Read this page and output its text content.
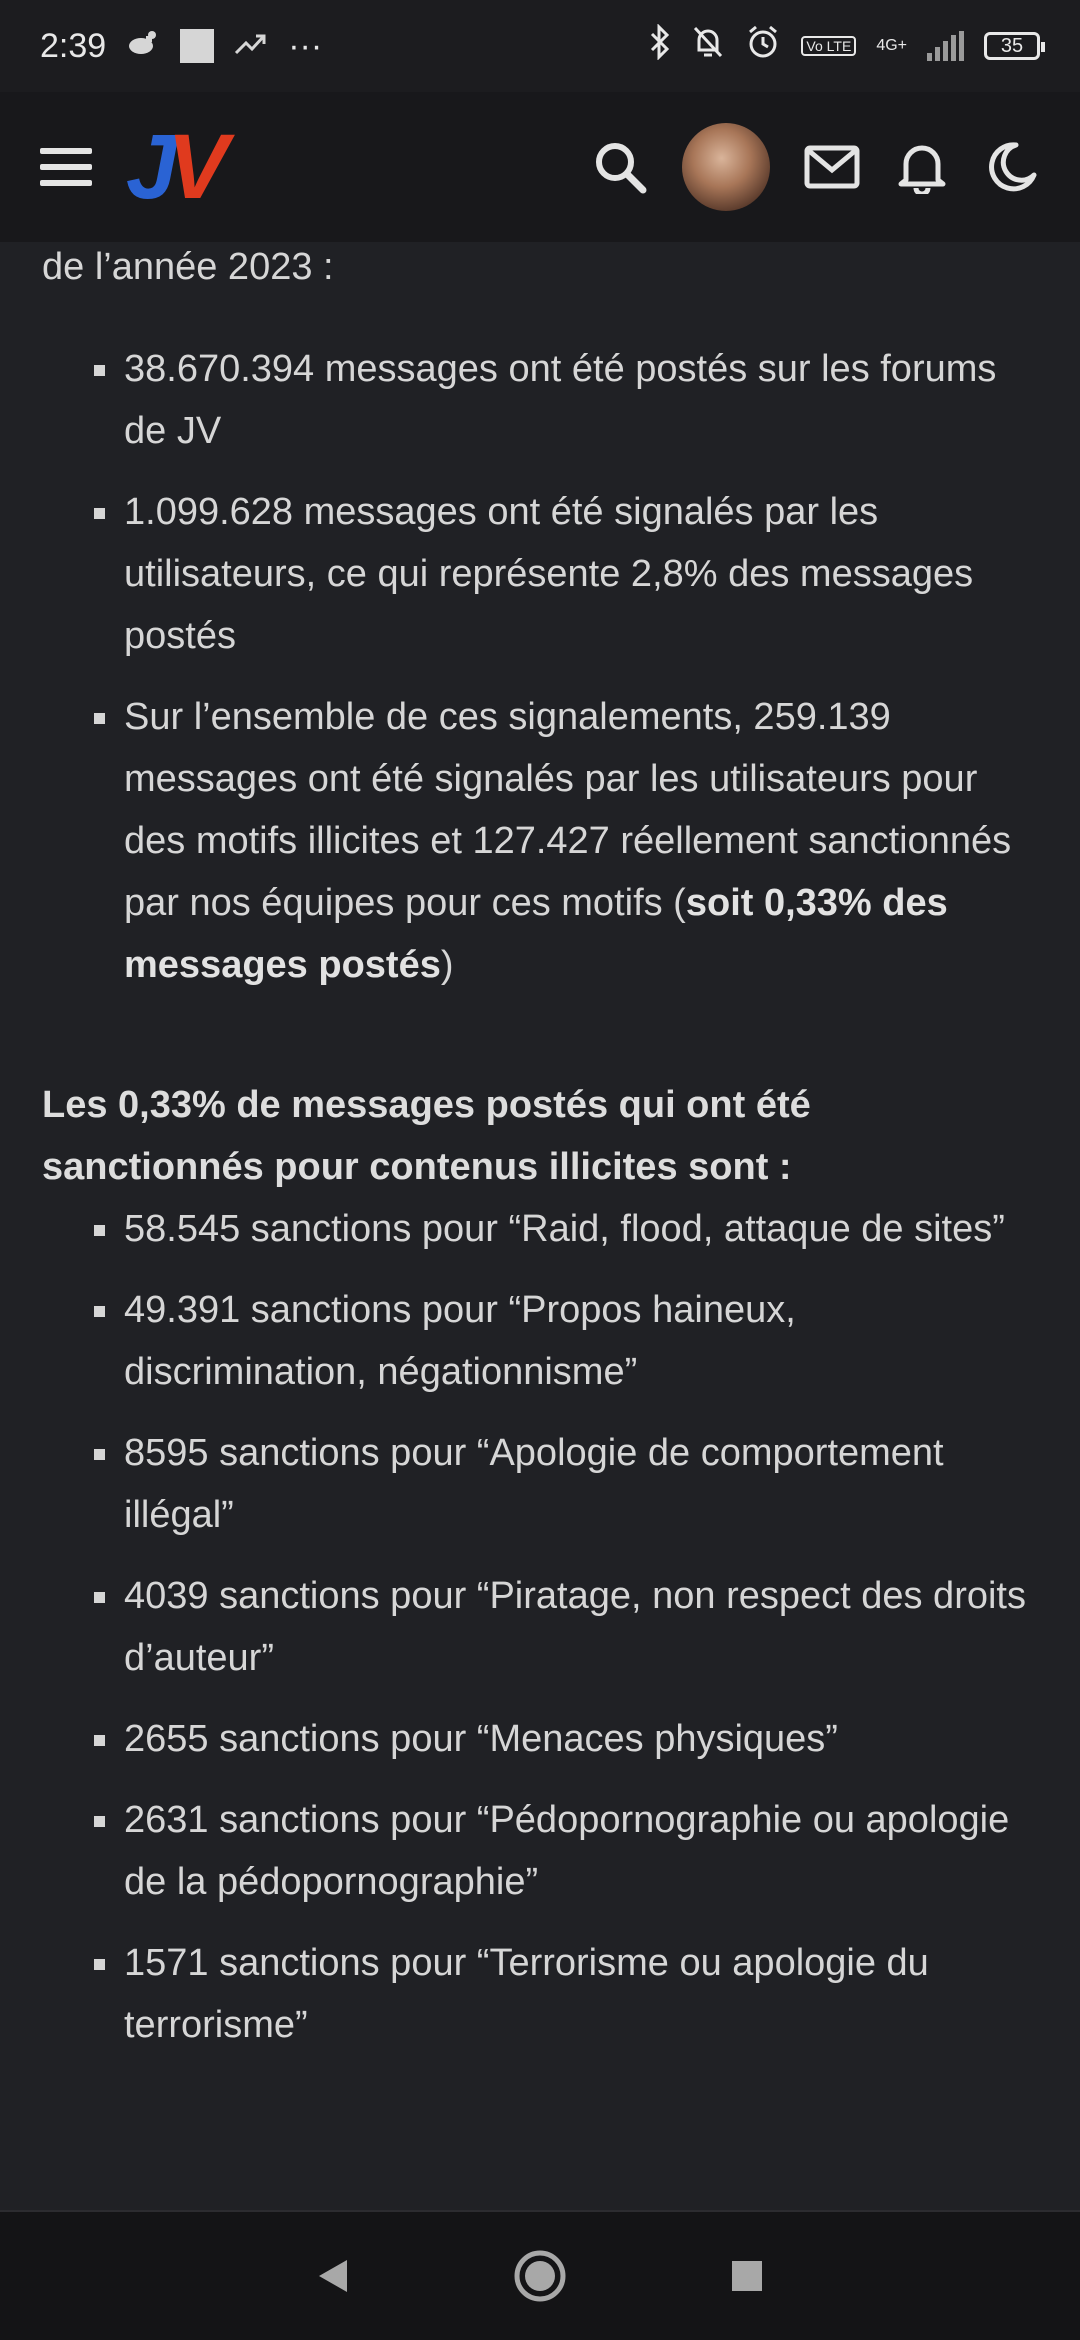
2:39	···	Vo LTE	4G+	35
JV

de l’année 2023 :

38.670.394 messages ont été postés sur les forums de JV
1.099.628 messages ont été signalés par les utilisateurs, ce qui représente 2,8% des messages postés
Sur l’ensemble de ces signalements, 259.139 messages ont été signalés par les utilisateurs pour des motifs illicites et 127.427 réellement sanctionnés par nos équipes pour ces motifs (soit 0,33% des messages postés)

Les 0,33% de messages postés qui ont été sanctionnés pour contenus illicites sont :

58.545 sanctions pour “Raid, flood, attaque de sites”
49.391 sanctions pour “Propos haineux, discrimination, négationnisme”
8595 sanctions pour “Apologie de comportement illégal”
4039 sanctions pour “Piratage, non respect des droits d’auteur”
2655 sanctions pour “Menaces physiques”
2631 sanctions pour “Pédopornographie ou apologie de la pédopornographie”
1571 sanctions pour “Terrorisme ou apologie du terrorisme”
